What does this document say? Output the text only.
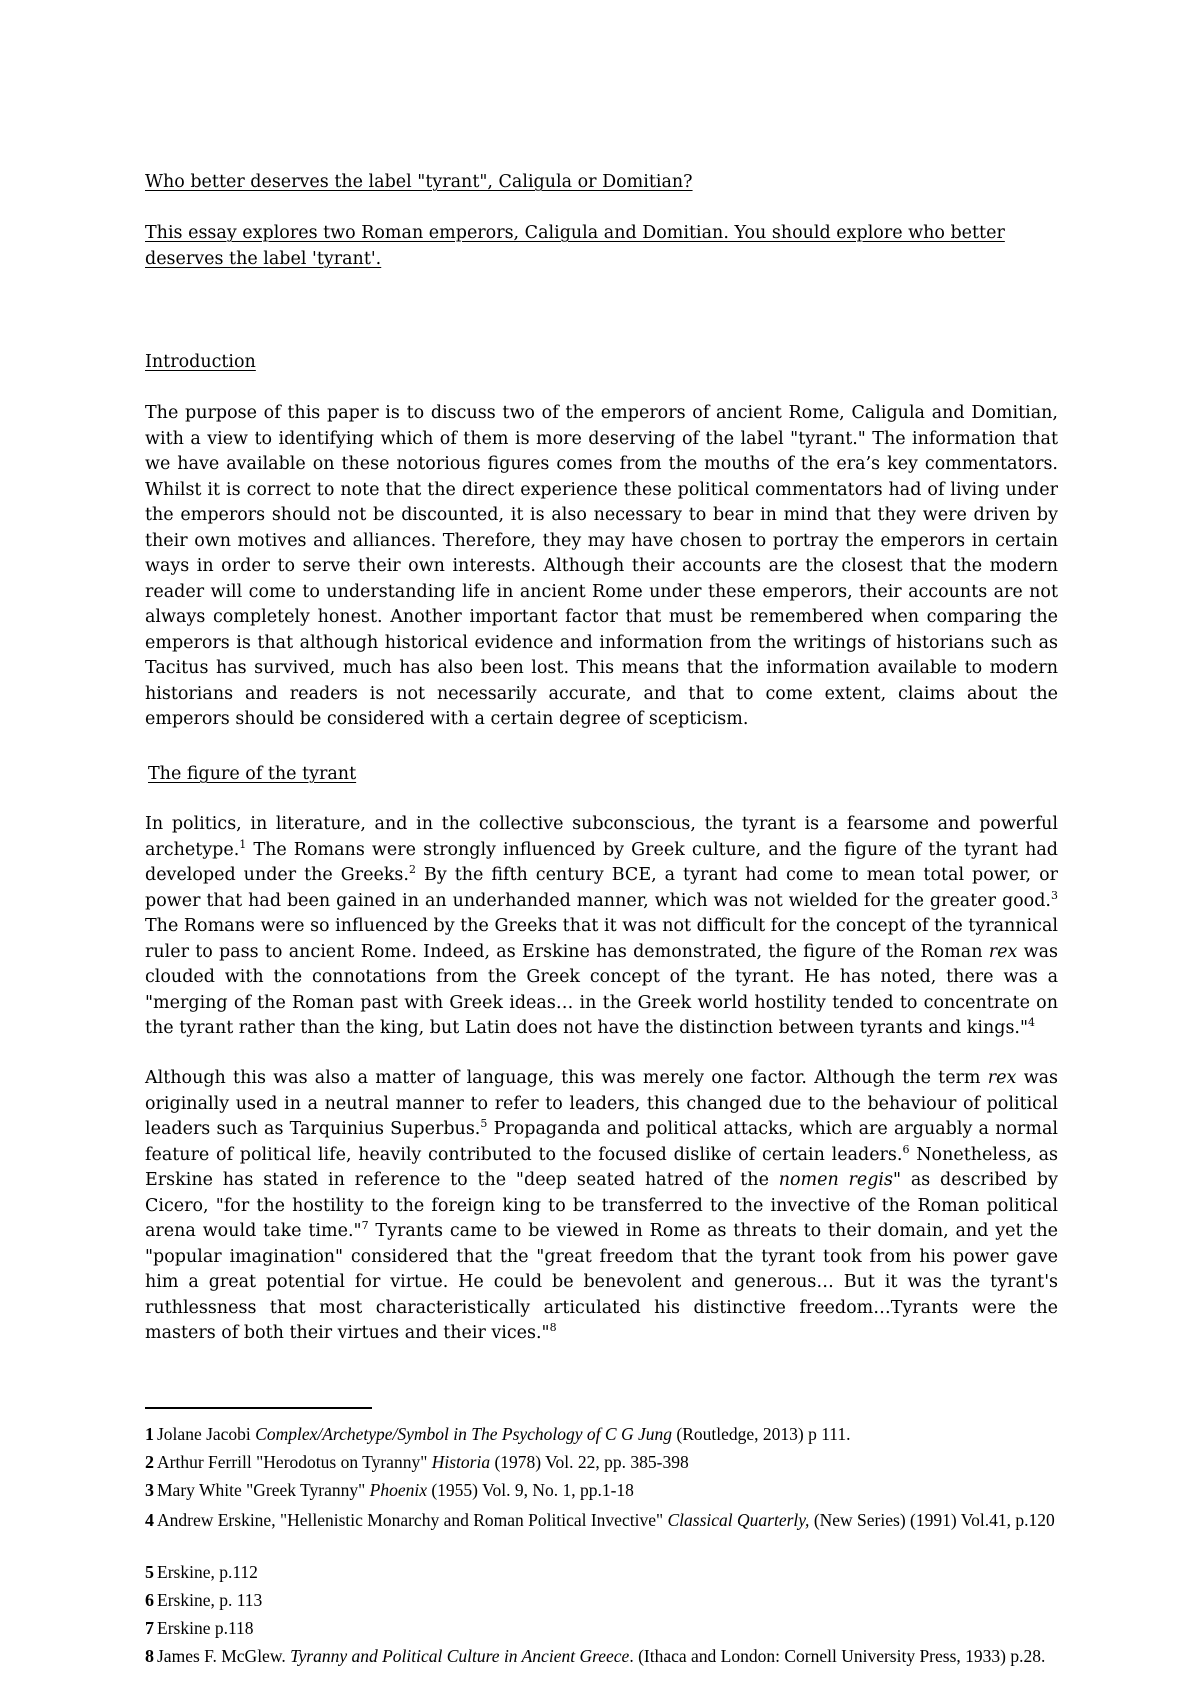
Who better deserves the label "tyrant", Caligula or Domitian?

This essay explores two Roman emperors, Caligula and Domitian. You should explore who better deserves the label 'tyrant'.

Introduction

The purpose of this paper is to discuss two of the emperors of ancient Rome, Caligula and Domitian, with a view to identifying which of them is more deserving of the label "tyrant." The information that we have available on these notorious figures comes from the mouths of the era’s key commentators. Whilst it is correct to note that the direct experience these political commentators had of living under the emperors should not be discounted, it is also necessary to bear in mind that they were driven by their own motives and alliances. Therefore, they may have chosen to portray the emperors in certain ways in order to serve their own interests. Although their accounts are the closest that the modern reader will come to understanding life in ancient Rome under these emperors, their accounts are not always completely honest. Another important factor that must be remembered when comparing the emperors is that although historical evidence and information from the writings of historians such as Tacitus has survived, much has also been lost. This means that the information available to modern historians and readers is not necessarily accurate, and that to come extent, claims about the emperors should be considered with a certain degree of scepticism.

The figure of the tyrant

In politics, in literature, and in the collective subconscious, the tyrant is a fearsome and powerful archetype.$^1$ The Romans were strongly influenced by Greek culture, and the figure of the tyrant had developed under the Greeks.$^2$ By the fifth century BCE, a tyrant had come to mean total power, or power that had been gained in an underhanded manner, which was not wielded for the greater good.$^3$ The Romans were so influenced by the Greeks that it was not difficult for the concept of the tyrannical ruler to pass to ancient Rome. Indeed, as Erskine has demonstrated, the figure of the Roman rex was clouded with the connotations from the Greek concept of the tyrant. He has noted, there was a "merging of the Roman past with Greek ideas… in the Greek world hostility tended to concentrate on the tyrant rather than the king, but Latin does not have the distinction between tyrants and kings."$^4$

Although this was also a matter of language, this was merely one factor. Although the term rex was originally used in a neutral manner to refer to leaders, this changed due to the behaviour of political leaders such as Tarquinius Superbus.$^5$ Propaganda and political attacks, which are arguably a normal feature of political life, heavily contributed to the focused dislike of certain leaders.$^6$ Nonetheless, as Erskine has stated in reference to the "deep seated hatred of the nomen regis" as described by Cicero, "for the hostility to the foreign king to be transferred to the invective of the Roman political arena would take time."$^7$ Tyrants came to be viewed in Rome as threats to their domain, and yet the "popular imagination" considered that the "great freedom that the tyrant took from his power gave him a great potential for virtue. He could be benevolent and generous… But it was the tyrant's ruthlessness that most characteristically articulated his distinctive freedom…Tyrants were the masters of both their virtues and their vices."$^8$

1 Jolane Jacobi Complex/Archetype/Symbol in The Psychology of C G Jung (Routledge, 2013) p 111.
2 Arthur Ferrill "Herodotus on Tyranny" Historia (1978) Vol. 22, pp. 385-398
3 Mary White "Greek Tyranny" Phoenix (1955) Vol. 9, No. 1, pp.1-18
4 Andrew Erskine, "Hellenistic Monarchy and Roman Political Invective" Classical Quarterly, (New Series) (1991) Vol.41, p.120
5 Erskine, p.112
6 Erskine, p. 113
7 Erskine p.118
8 James F. McGlew. Tyranny and Political Culture in Ancient Greece. (Ithaca and London: Cornell University Press, 1933) p.28.
